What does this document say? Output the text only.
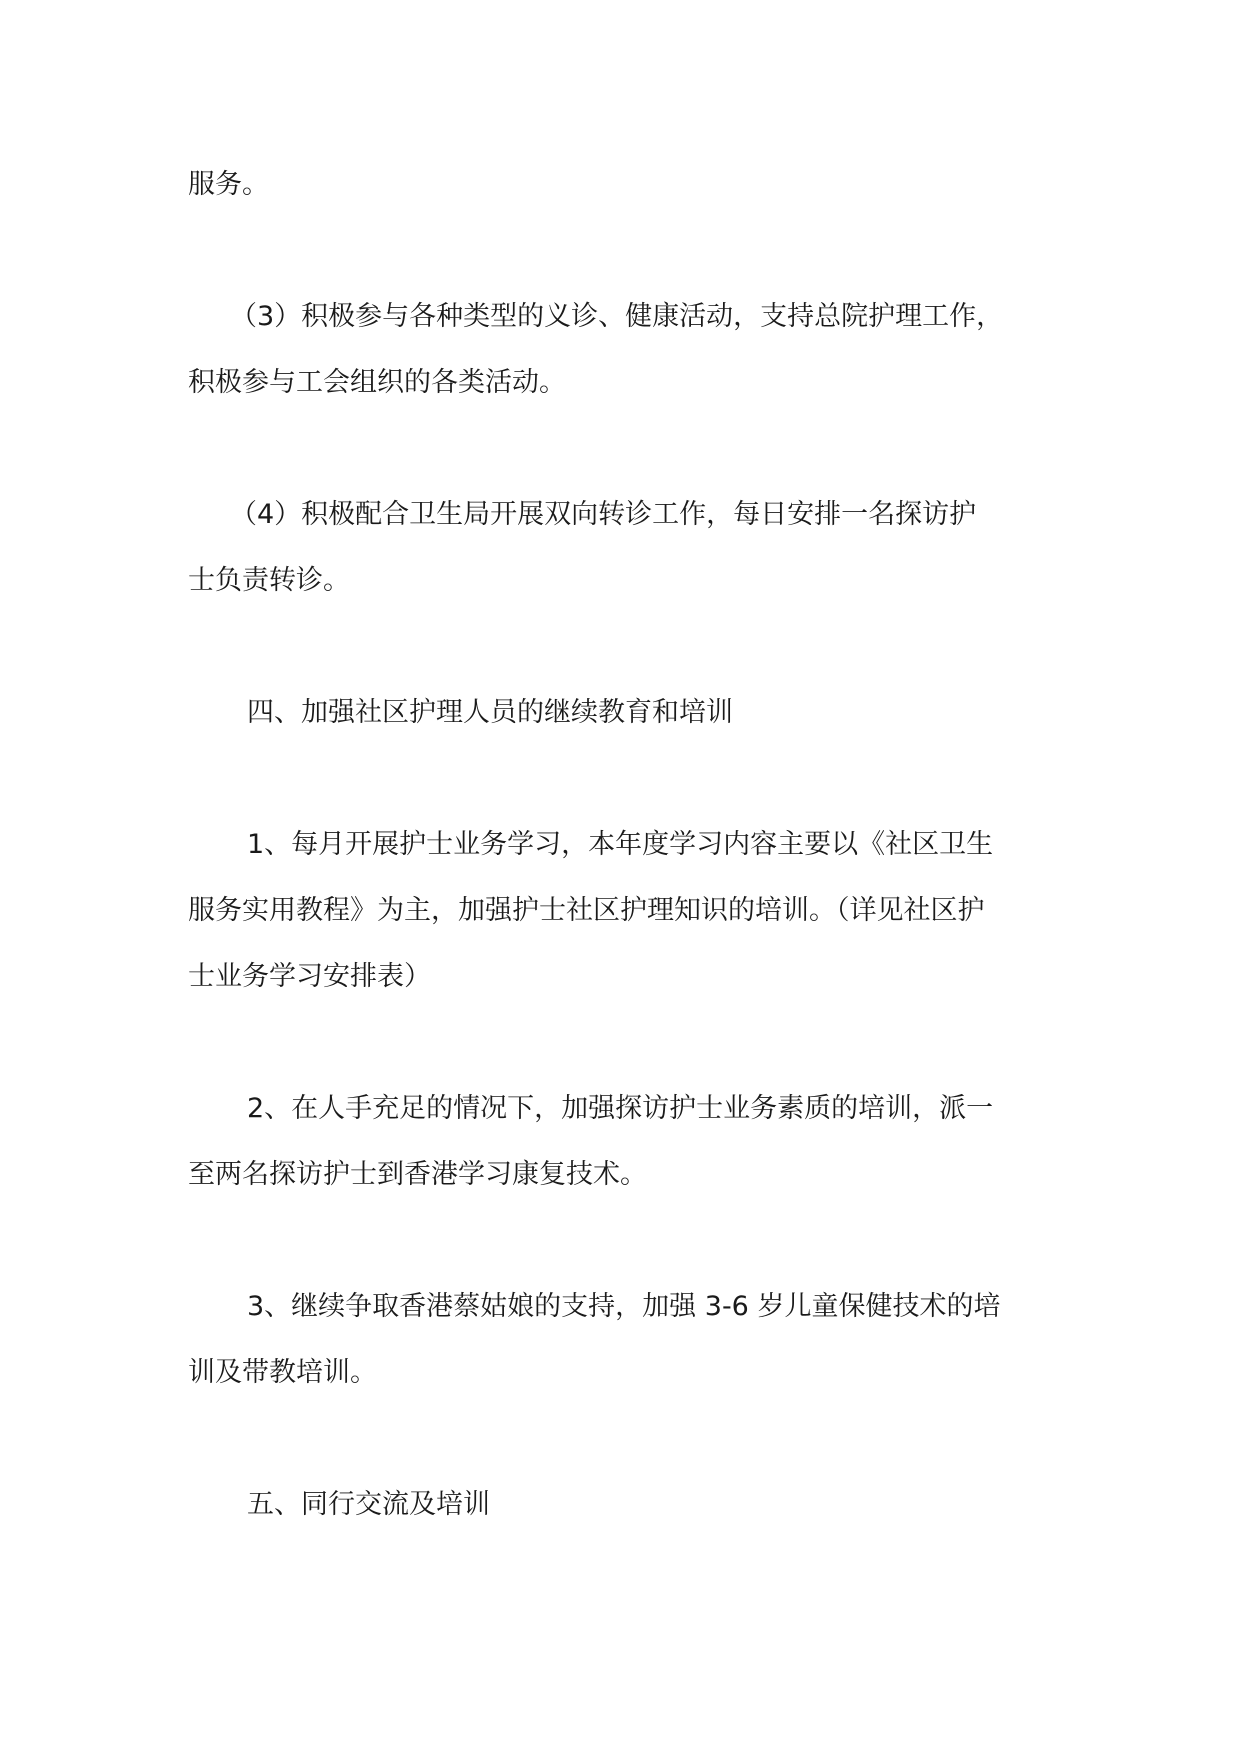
服务。

（3）积极参与各种类型的义诊、健康活动，支持总院护理工作，

积极参与工会组织的各类活动。

（4）积极配合卫生局开展双向转诊工作，每日安排一名探访护

士负责转诊。

四、加强社区护理人员的继续教育和培训

1、每月开展护士业务学习，本年度学习内容主要以《社区卫生

服务实用教程》为主，加强护士社区护理知识的培训。（详见社区护

士业务学习安排表）

2、在人手充足的情况下，加强探访护士业务素质的培训，派一

至两名探访护士到香港学习康复技术。

3、继续争取香港蔡姑娘的支持，加强 3-6 岁儿童保健技术的培

训及带教培训。

五、同行交流及培训
